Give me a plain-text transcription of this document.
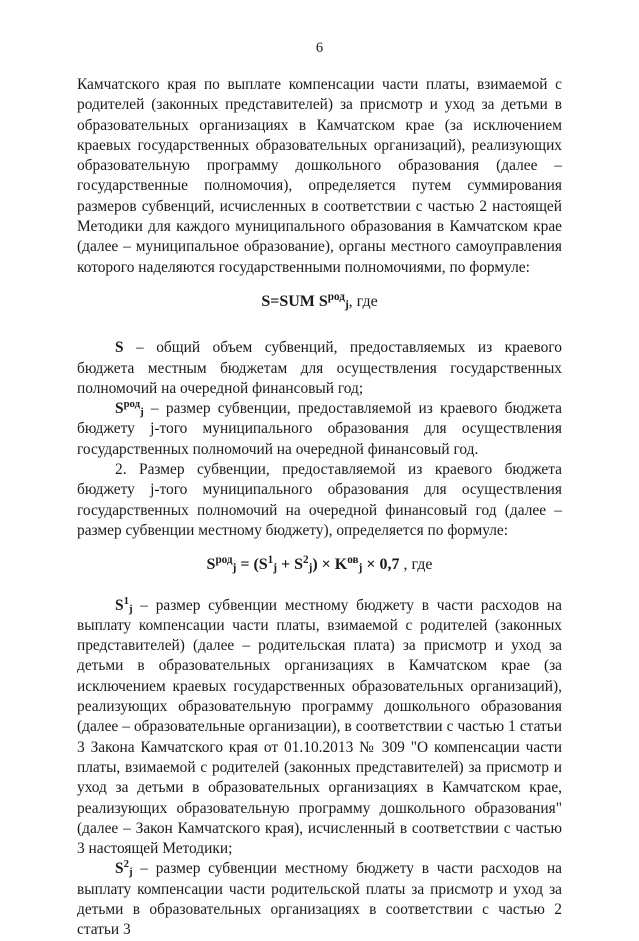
6

Камчатского края по выплате компенсации части платы, взимаемой с родителей (законных представителей) за присмотр и уход за детьми в образовательных организациях в Камчатском крае (за исключением краевых государственных образовательных организаций), реализующих образовательную программу дошкольного образования (далее – государственные полномочия), определяется путем суммирования размеров субвенций, исчисленных в соответствии с частью 2 настоящей Методики для каждого муниципального образования в Камчатском крае (далее – муниципальное образование), органы местного самоуправления которого наделяются государственными полномочиями, по формуле:

S=SUM $S^{род}_j$, где

S – общий объем субвенций, предоставляемых из краевого бюджета местным бюджетам для осуществления государственных полномочий на очередной финансовый год;

$S^{род}_j$ – размер субвенции, предоставляемой из краевого бюджета бюджету j-того муниципального образования для осуществления государственных полномочий на очередной финансовый год.

2. Размер субвенции, предоставляемой из краевого бюджета бюджету j-того муниципального образования для осуществления государственных полномочий на очередной финансовый год (далее – размер субвенции местному бюджету), определяется по формуле:

$S^{род}_j = (S^1_j + S^2_j) \times K^{ов}_j \times 0,7$ , где

$S^1_j$ – размер субвенции местному бюджету в части расходов на выплату компенсации части платы, взимаемой с родителей (законных представителей) (далее – родительская плата) за присмотр и уход за детьми в образовательных организациях в Камчатском крае (за исключением краевых государственных образовательных организаций), реализующих образовательную программу дошкольного образования (далее – образовательные организации), в соответствии с частью 1 статьи 3 Закона Камчатского края от 01.10.2013 № 309 "О компенсации части платы, взимаемой с родителей (законных представителей) за присмотр и уход за детьми в образовательных организациях в Камчатском крае, реализующих образовательную программу дошкольного образования" (далее – Закон Камчатского края), исчисленный в соответствии с частью 3 настоящей Методики;

$S^2_j$ – размер субвенции местному бюджету в части расходов на выплату компенсации части родительской платы за присмотр и уход за детьми в образовательных организациях в соответствии с частью 2 статьи 3
